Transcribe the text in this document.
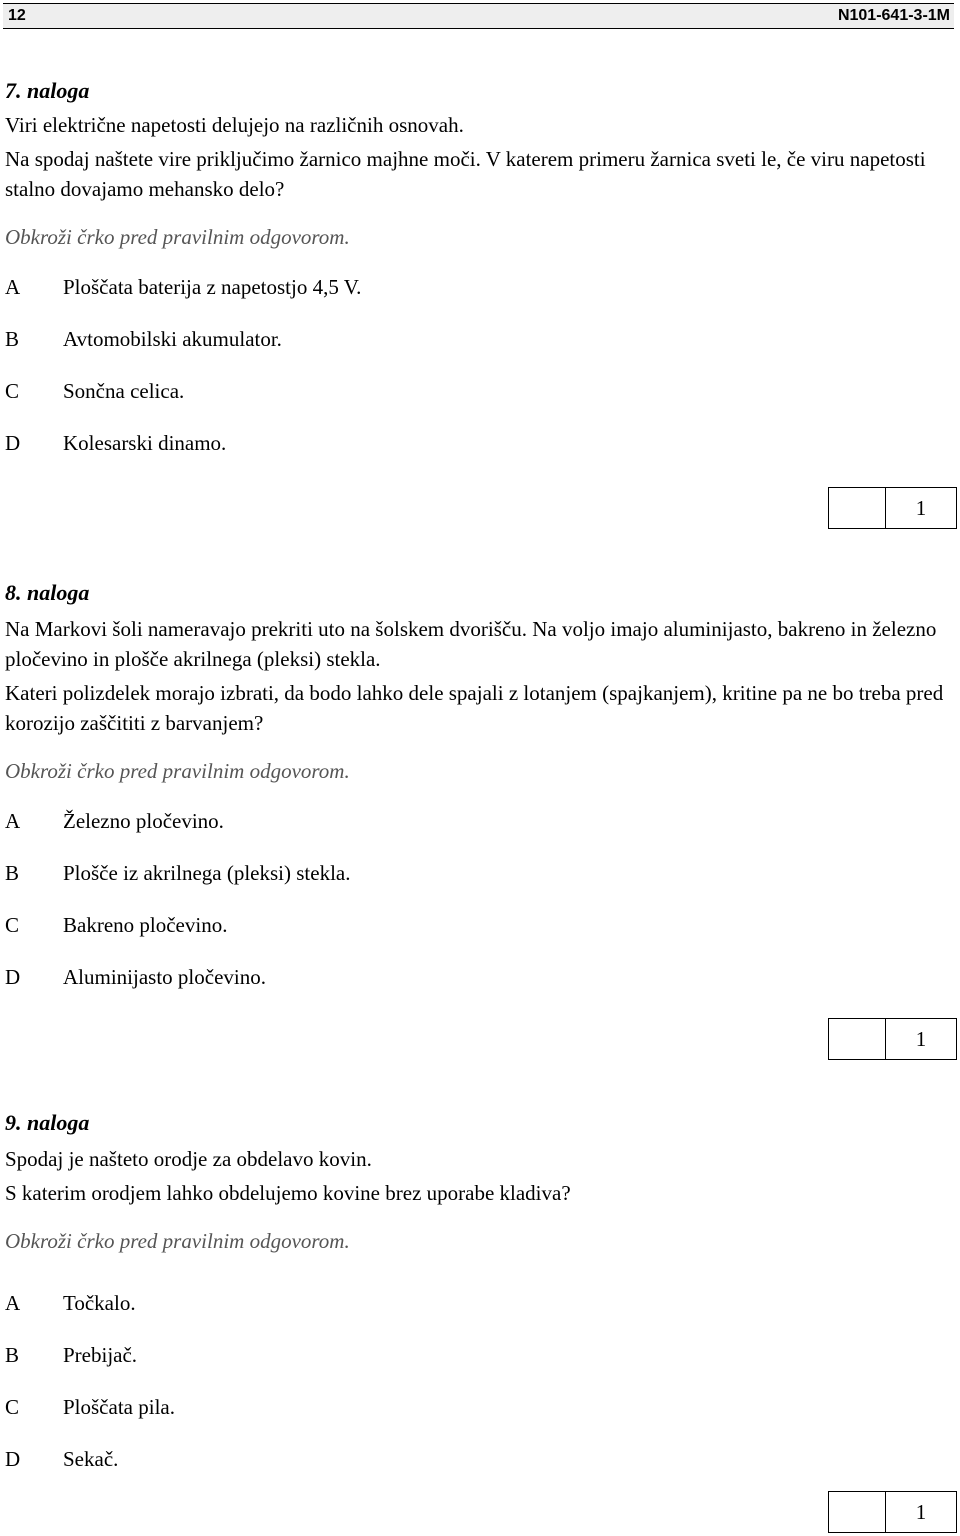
12	N101-641-3-1M
7. naloga
Viri električne napetosti delujejo na različnih osnovah.
Na spodaj naštete vire priključimo žarnico majhne moči. V katerem primeru žarnica sveti le, če viru napetosti stalno dovajamo mehansko delo?
Obkroži črko pred pravilnim odgovorom.
A	Ploščata baterija z napetostjo 4,5 V.
B	Avtomobilski akumulator.
C	Sončna celica.
D	Kolesarski dinamo.
1
8. naloga
Na Markovi šoli nameravajo prekriti uto na šolskem dvorišču. Na voljo imajo aluminijasto, bakreno in železno pločevino in plošče akrilnega (pleksi) stekla.
Kateri polizdelek morajo izbrati, da bodo lahko dele spajali z lotanjem (spajkanjem), kritine pa ne bo treba pred korozijo zaščititi z barvanjem?
Obkroži črko pred pravilnim odgovorom.
A	Železno pločevino.
B	Plošče iz akrilnega (pleksi) stekla.
C	Bakreno pločevino.
D	Aluminijasto pločevino.
1
9. naloga
Spodaj je našteto orodje za obdelavo kovin.
S katerim orodjem lahko obdelujemo kovine brez uporabe kladiva?
Obkroži črko pred pravilnim odgovorom.
A	Točkalo.
B	Prebijač.
C	Ploščata pila.
D	Sekač.
1
